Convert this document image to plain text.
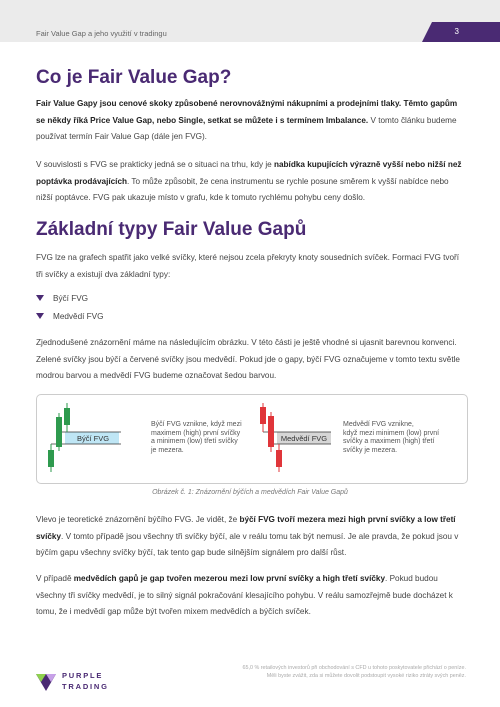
Fair Value Gap a jeho využití v tradingu	3
Co je Fair Value Gap?

Fair Value Gapy jsou cenové skoky způsobené nerovnovážnými nákupními a prodejními tlaky. Těmto gapům se někdy říká Price Value Gap, nebo Single, setkat se můžete i s termínem Imbalance. V tomto článku budeme používat termín Fair Value Gap (dále jen FVG).

V souvislosti s FVG se prakticky jedná se o situaci na trhu, kdy je nabídka kupujících výrazně vyšší nebo nižší než poptávka prodávajících. To může způsobit, že cena instrumentu se rychle posune směrem k vyšší nabídce nebo nižší poptávce. FVG pak ukazuje místo v grafu, kde k tomuto rychlému pohybu ceny došlo.

Základní typy Fair Value Gapů

FVG lze na grafech spatřit jako velké svíčky, které nejsou zcela překryty knoty sousedních svíček. Formaci FVG tvoří tři svíčky a existují dva základní typy:

Býčí FVG
Medvědí FVG

Zjednodušené znázornění máme na následujícím obrázku. V této části je ještě vhodné si ujasnit barevnou konvenci. Zelené svíčky jsou býčí a červené svíčky jsou medvědí. Pokud jde o gapy, býčí FVG označujeme v tomto textu světle modrou barvou a medvědí FVG budeme označovat šedou barvou.

Býčí FVG	Medvědí FVG
Býčí FVG vznikne, když mezi
maximem (high) první svíčky
a minimem (low) třetí svíčky
je mezera.
Medvědí FVG vznikne,
když mezi minimem (low) první
svíčky a maximem (high) třetí
svíčky je mezera.
Obrázek č. 1: Znázornění býčích a medvědích Fair Value Gapů

Vlevo je teoretické znázornění býčího FVG. Je vidět, že býčí FVG tvoří mezera mezi high první svíčky a low třetí svíčky. V tomto případě jsou všechny tři svíčky býčí, ale v reálu tomu tak být nemusí. Je ale pravda, že pokud jsou v býčím gapu všechny svíčky býčí, tak tento gap bude silnějším signálem pro další růst.

V případě medvědích gapů je gap tvořen mezerou mezi low první svíčky a high třetí svíčky. Pokud budou všechny tři svíčky medvědí, je to silný signál pokračování klesajícího pohybu. V reálu samozřejmě bude docházet k tomu, že i medvědí gap může být tvořen mixem medvědích a býčích svíček.

PURPLE
TRADING
65,0 % retailových investorů při obchodování s CFD u tohoto poskytovatele přichází o peníze.
Měli byste zvážit, zda si můžete dovolit podstoupit vysoké riziko ztráty svých peněz.
